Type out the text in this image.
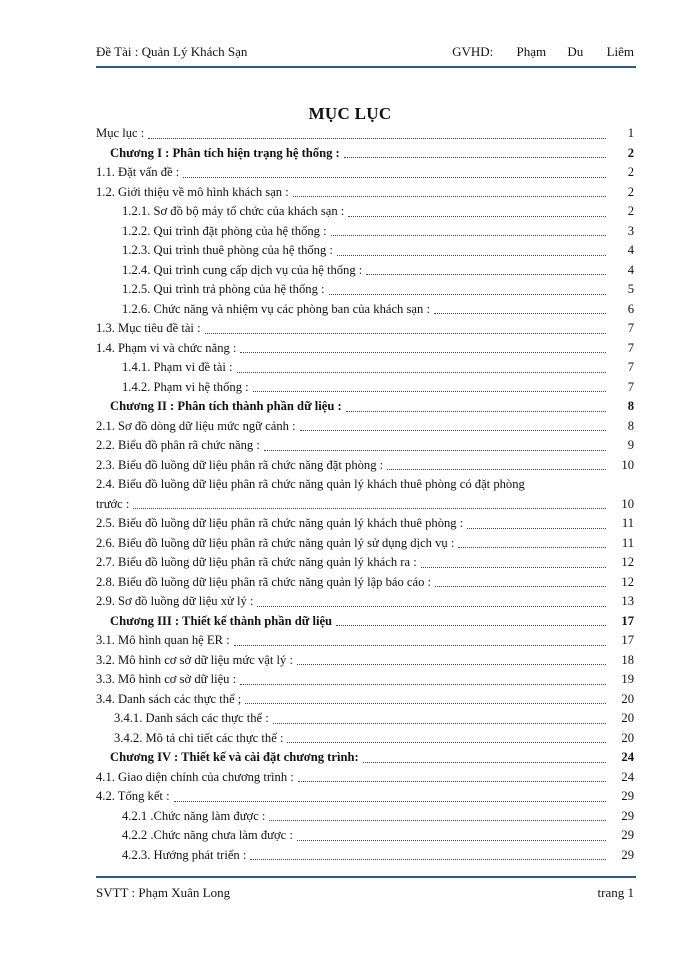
Đề Tài : Quản Lý Khách Sạn	GVHD: Phạm Du Liêm
MỤC LỤC
Mục lục :	1
Chương I : Phân tích hiện trạng hệ thống :	2
1.1. Đặt vấn đề :	2
1.2. Giới thiệu về mô hình khách sạn :	2
1.2.1. Sơ đồ bộ máy tổ chức của khách sạn :	2
1.2.2. Qui trình đặt phòng của hệ thống :	3
1.2.3. Qui trình thuê phòng của hệ thống :	4
1.2.4. Qui trình cung cấp dịch vụ của hệ thống :	4
1.2.5. Qui trình trả phòng của hệ thống :	5
1.2.6. Chức năng và nhiệm vụ các phòng ban của khách sạn :	6
1.3. Mục tiêu đề tài :	7
1.4. Phạm vi và chức năng :	7
1.4.1. Phạm vi đề tài :	7
1.4.2. Phạm vi hệ thống :	7
Chương II : Phân tích thành phần dữ liệu :	8
2.1. Sơ đồ dòng dữ liệu mức ngữ cảnh :	8
2.2. Biểu đồ phân rã chức năng :	9
2.3. Biểu đồ luồng dữ liệu phân rã chức năng đặt phòng :	10
2.4. Biểu đồ luồng dữ liệu phân rã chức năng quản lý khách thuê phòng có đặt phòng
trước :	10
2.5. Biểu đồ luồng dữ liệu phân rã chức năng quản lý khách thuê phòng :	11
2.6. Biểu đồ luồng dữ liệu phân rã chức năng quản lý sử dụng dịch vụ :	11
2.7. Biểu đồ luồng dữ liệu phân rã chức năng quản lý khách ra :	12
2.8. Biểu đồ luồng dữ liệu phân rã chức năng quản lý lập báo cáo :	12
2.9. Sơ đồ luồng dữ liệu xử lý :	13
Chương III : Thiết kế thành phần dữ liệu	17
3.1. Mô hình quan hệ ER :	17
3.2. Mô hình cơ sở dữ liệu mức vật lý :	18
3.3. Mô hình cơ sở dữ liệu :	19
3.4. Danh sách các thực thể ;	20
3.4.1. Danh sách các thực thể :	20
3.4.2. Mô tả chi tiết các thực thể :	20
Chương IV : Thiết kế và cài đặt chương trình:	24
4.1. Giao diện chính của chương trình :	24
4.2. Tổng kết :	29
4.2.1 .Chức năng làm được :	29
4.2.2 .Chức năng chưa làm được :	29
4.2.3. Hướng phát triển :	29
SVTT : Phạm Xuân Long	trang 1
